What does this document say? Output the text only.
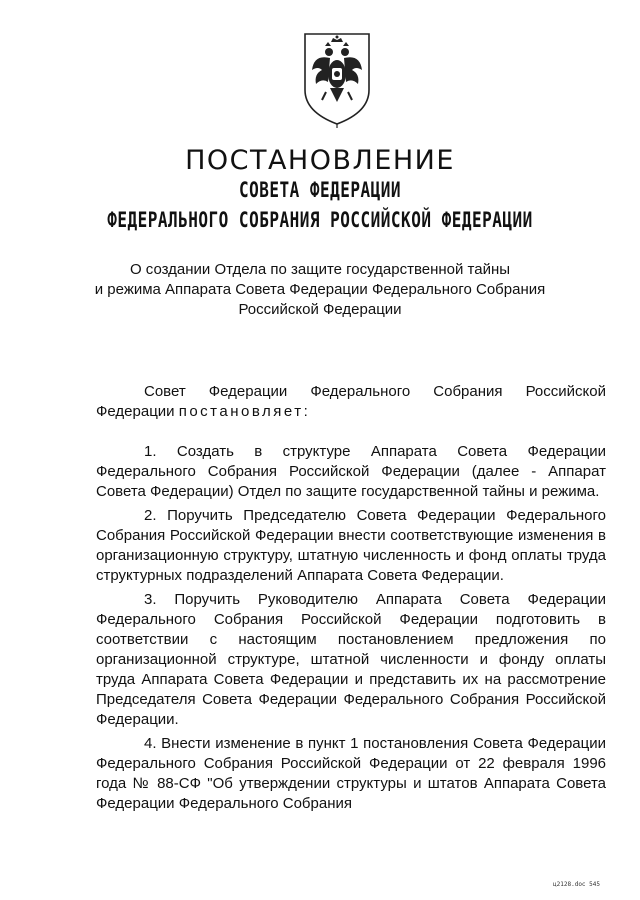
ПОСТАНОВЛЕНИЕ
СОВЕТА ФЕДЕРАЦИИ
ФЕДЕРАЛЬНОГО СОБРАНИЯ РОССИЙСКОЙ ФЕДЕРАЦИИ
О создании Отдела по защите государственной тайны
и режима Аппарата Совета Федерации Федерального Собрания
Российской Федерации

Совет Федерации Федерального Собрания Российской Федерации постановляет:

1. Создать в структуре Аппарата Совета Федерации Федерального Собрания Российской Федерации (далее - Аппарат Совета Федерации) Отдел по защите государственной тайны и режима.

2. Поручить Председателю Совета Федерации Федерального Собрания Российской Федерации внести соответствующие изменения в организационную структуру, штатную численность и фонд оплаты труда структурных подразделений Аппарата Совета Федерации.

3. Поручить Руководителю Аппарата Совета Федерации Федерального Собрания Российской Федерации подготовить в соответствии с настоящим постановлением предложения по организационной структуре, штатной численности и фонду оплаты труда Аппарата Совета Федерации и представить их на рассмотрение Председателя Совета Федерации Федерального Собрания Российской Федерации.

4. Внести изменение в пункт 1 постановления Совета Федерации Федерального Собрания Российской Федерации от 22 февраля 1996 года № 88-СФ "Об утверждении структуры и штатов Аппарата Совета Федерации Федерального Собрания

ц2128.doc 545
